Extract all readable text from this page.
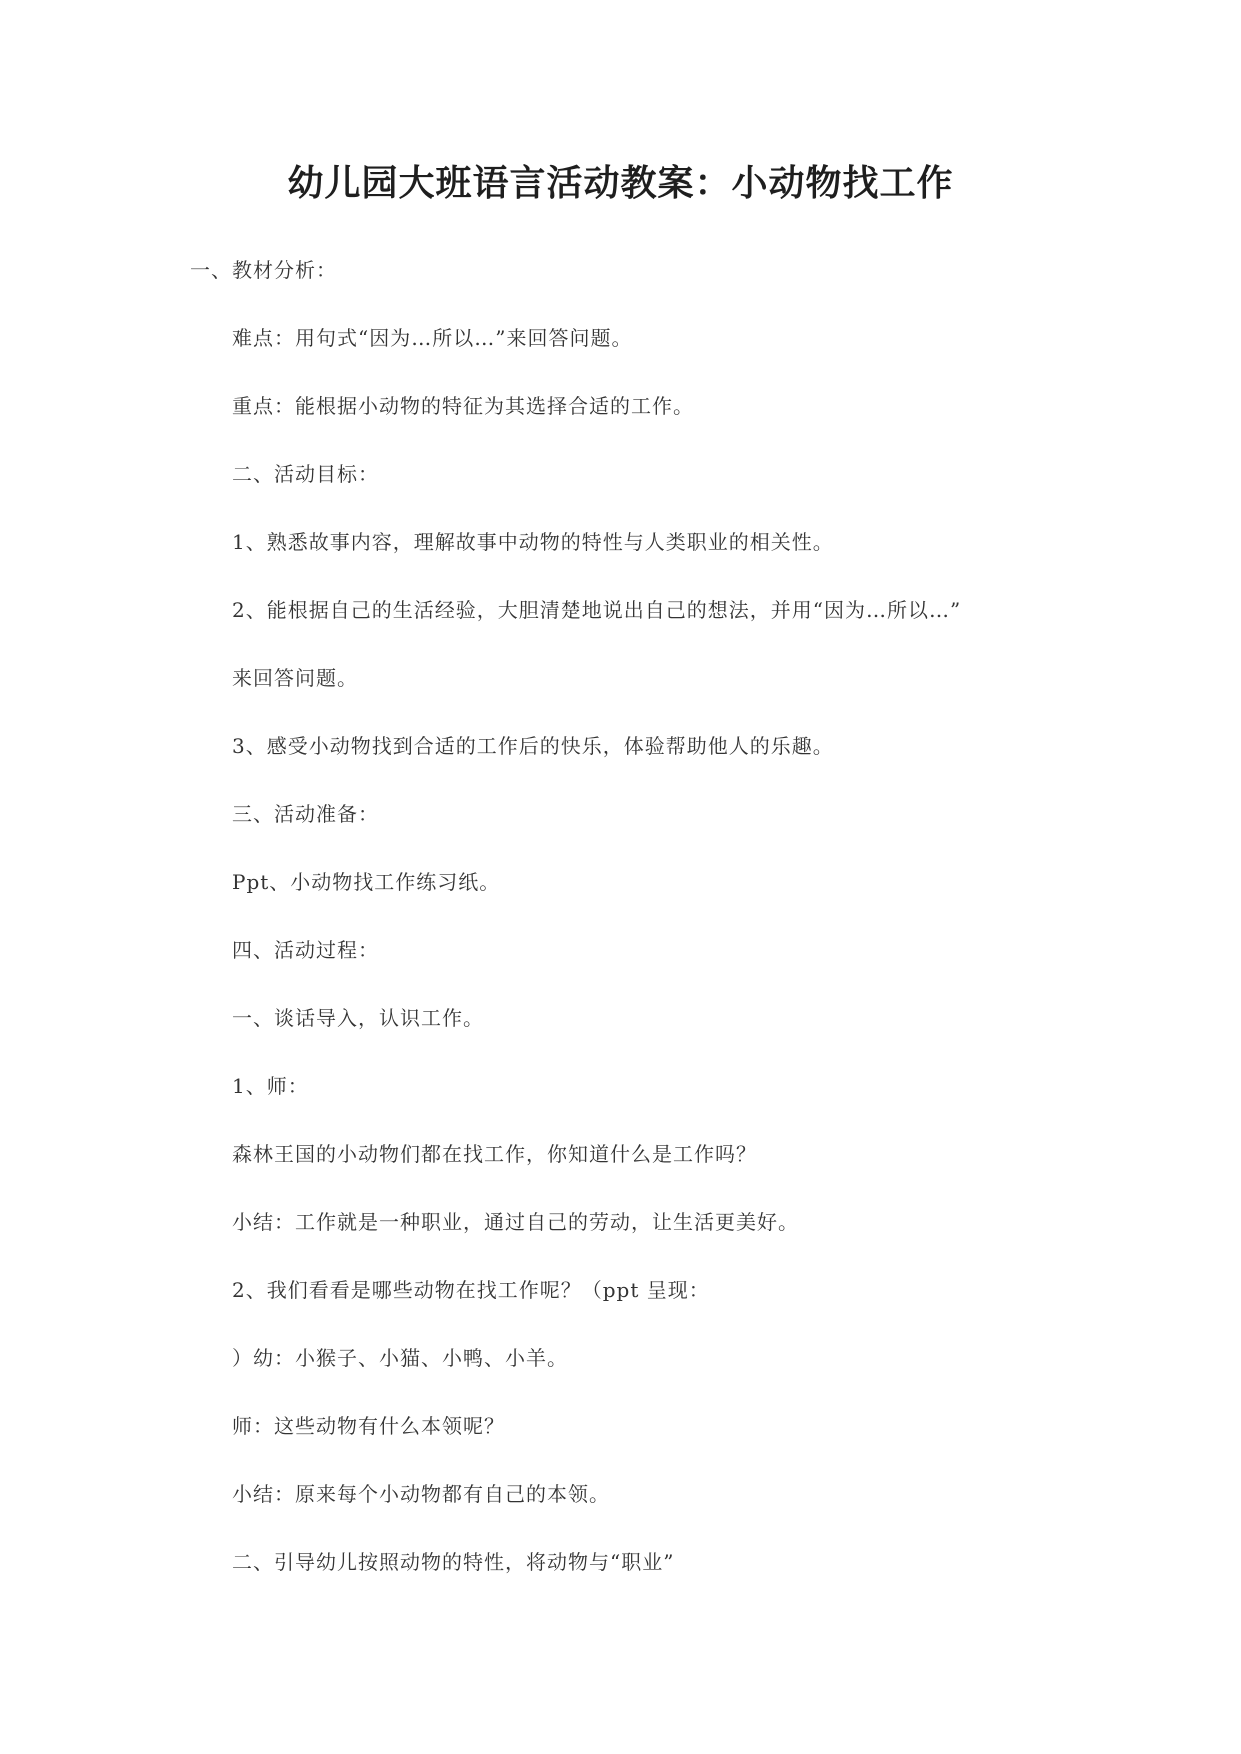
幼儿园大班语言活动教案：小动物找工作
一、教材分析：
难点：用句式“因为…所以…”来回答问题。
重点：能根据小动物的特征为其选择合适的工作。
二、活动目标：
1、熟悉故事内容，理解故事中动物的特性与人类职业的相关性。
2、能根据自己的生活经验，大胆清楚地说出自己的想法，并用“因为…所以…”
来回答问题。
3、感受小动物找到合适的工作后的快乐，体验帮助他人的乐趣。
三、活动准备：
Ppt、小动物找工作练习纸。
四、活动过程：
一、谈话导入，认识工作。
1、师：
森林王国的小动物们都在找工作，你知道什么是工作吗？
小结：工作就是一种职业，通过自己的劳动，让生活更美好。
2、我们看看是哪些动物在找工作呢？（ppt 呈现：
）幼：小猴子、小猫、小鸭、小羊。
师：这些动物有什么本领呢？
小结：原来每个小动物都有自己的本领。
二、引导幼儿按照动物的特性，将动物与“职业”
